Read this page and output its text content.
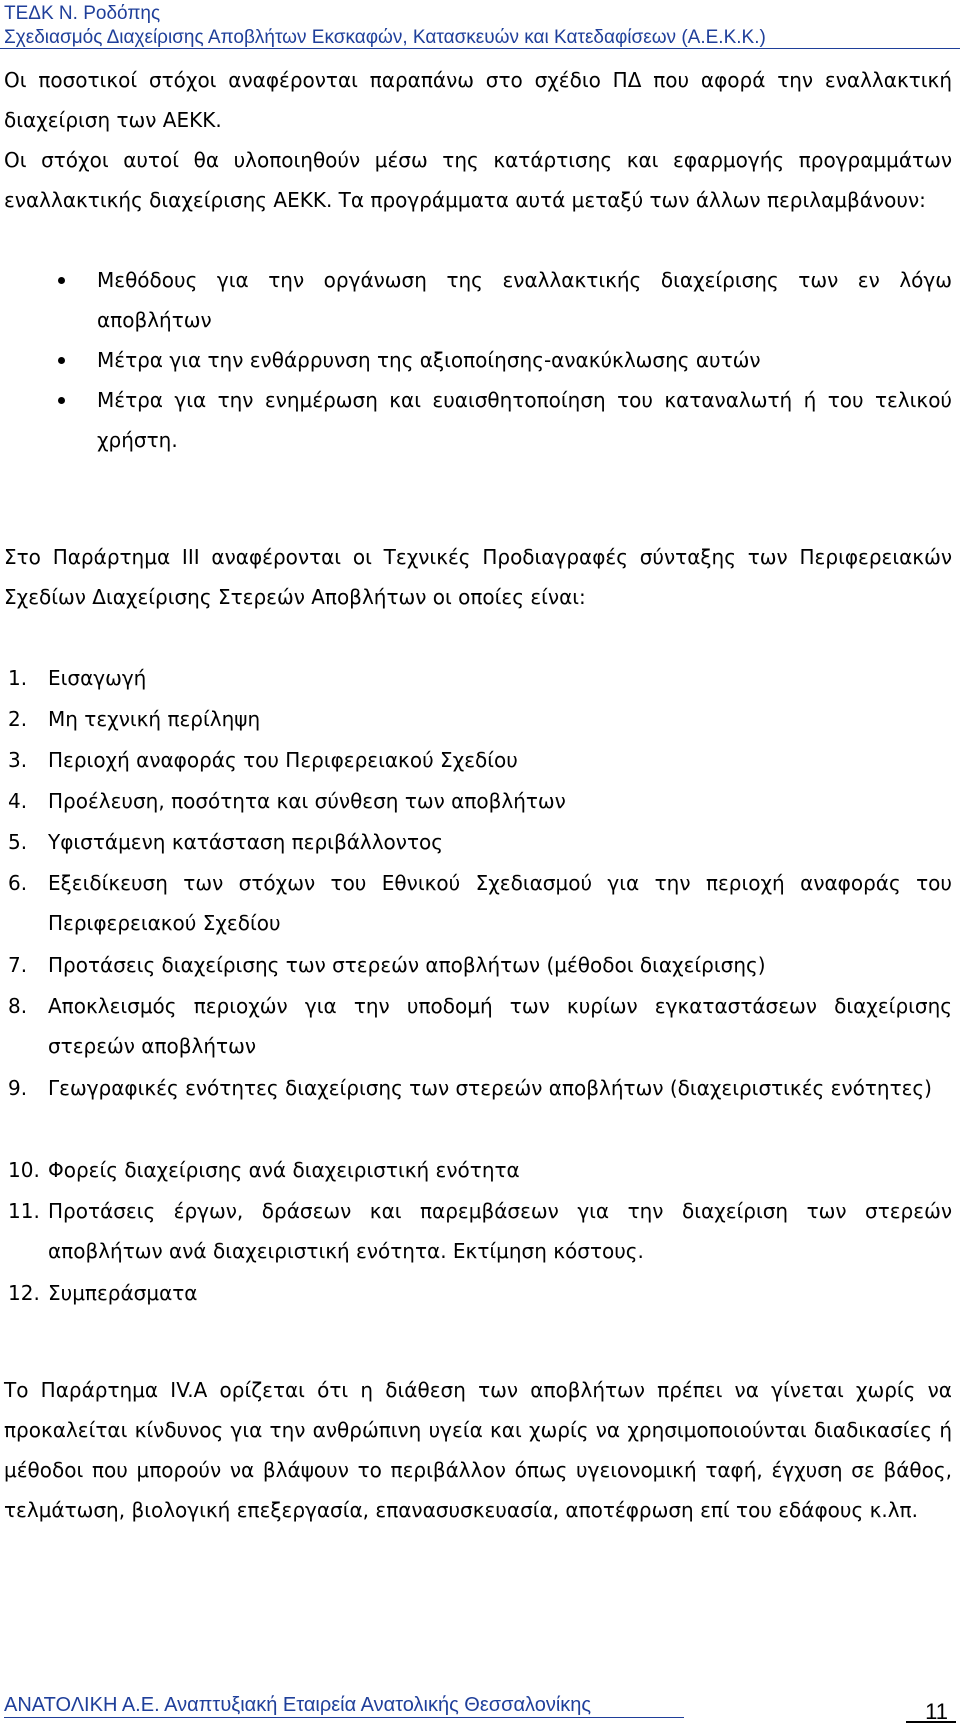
ΤΕΔΚ Ν. Ροδόπης
Σχεδιασμός Διαχείρισης Αποβλήτων Εκσκαφών, Κατασκευών και Κατεδαφίσεων (Α.Ε.Κ.Κ.)
Οι ποσοτικοί στόχοι αναφέρονται παραπάνω στο σχέδιο ΠΔ που αφορά την εναλλακτική διαχείριση των ΑΕΚΚ.
Οι στόχοι αυτοί θα υλοποιηθούν μέσω της κατάρτισης και εφαρμογής προγραμμάτων εναλλακτικής διαχείρισης ΑΕΚΚ. Τα προγράμματα αυτά μεταξύ των άλλων περιλαμβάνουν:
Μεθόδους για την οργάνωση της εναλλακτικής διαχείρισης των εν λόγω αποβλήτων
Μέτρα για την ενθάρρυνση της αξιοποίησης-ανακύκλωσης αυτών
Μέτρα για την ενημέρωση και ευαισθητοποίηση του καταναλωτή ή του τελικού χρήστη.
Στο Παράρτημα ΙΙΙ αναφέρονται οι Τεχνικές Προδιαγραφές σύνταξης των Περιφερειακών Σχεδίων Διαχείρισης Στερεών Αποβλήτων οι οποίες είναι:
1.	Εισαγωγή
2.	Μη τεχνική περίληψη
3.	Περιοχή αναφοράς του Περιφερειακού Σχεδίου
4.	Προέλευση, ποσότητα και σύνθεση των αποβλήτων
5.	Υφιστάμενη κατάσταση περιβάλλοντος
6.	Εξειδίκευση των στόχων του Εθνικού Σχεδιασμού για την περιοχή αναφοράς του Περιφερειακού Σχεδίου
7.	Προτάσεις διαχείρισης των στερεών αποβλήτων (μέθοδοι διαχείρισης)
8.	Αποκλεισμός περιοχών για την υποδομή των κυρίων εγκαταστάσεων διαχείρισης στερεών αποβλήτων
9.	Γεωγραφικές ενότητες διαχείρισης των στερεών αποβλήτων (διαχειριστικές ενότητες)
10. Φορείς διαχείρισης ανά διαχειριστική ενότητα
11. Προτάσεις έργων, δράσεων και παρεμβάσεων για την διαχείριση των στερεών αποβλήτων ανά διαχειριστική ενότητα. Εκτίμηση κόστους.
12. Συμπεράσματα
Το Παράρτημα IV.A ορίζεται ότι η διάθεση των αποβλήτων πρέπει να γίνεται χωρίς να προκαλείται κίνδυνος για την ανθρώπινη υγεία και χωρίς να χρησιμοποιούνται διαδικασίες ή μέθοδοι που μπορούν να βλάψουν το περιβάλλον όπως υγειονομική ταφή, έγχυση σε βάθος, τελμάτωση, βιολογική επεξεργασία, επανασυσκευασία, αποτέφρωση επί του εδάφους κ.λπ.
ΑΝΑΤΟΛΙΚΗ Α.Ε. Αναπτυξιακή Εταιρεία Ανατολικής Θεσσαλονίκης	11
